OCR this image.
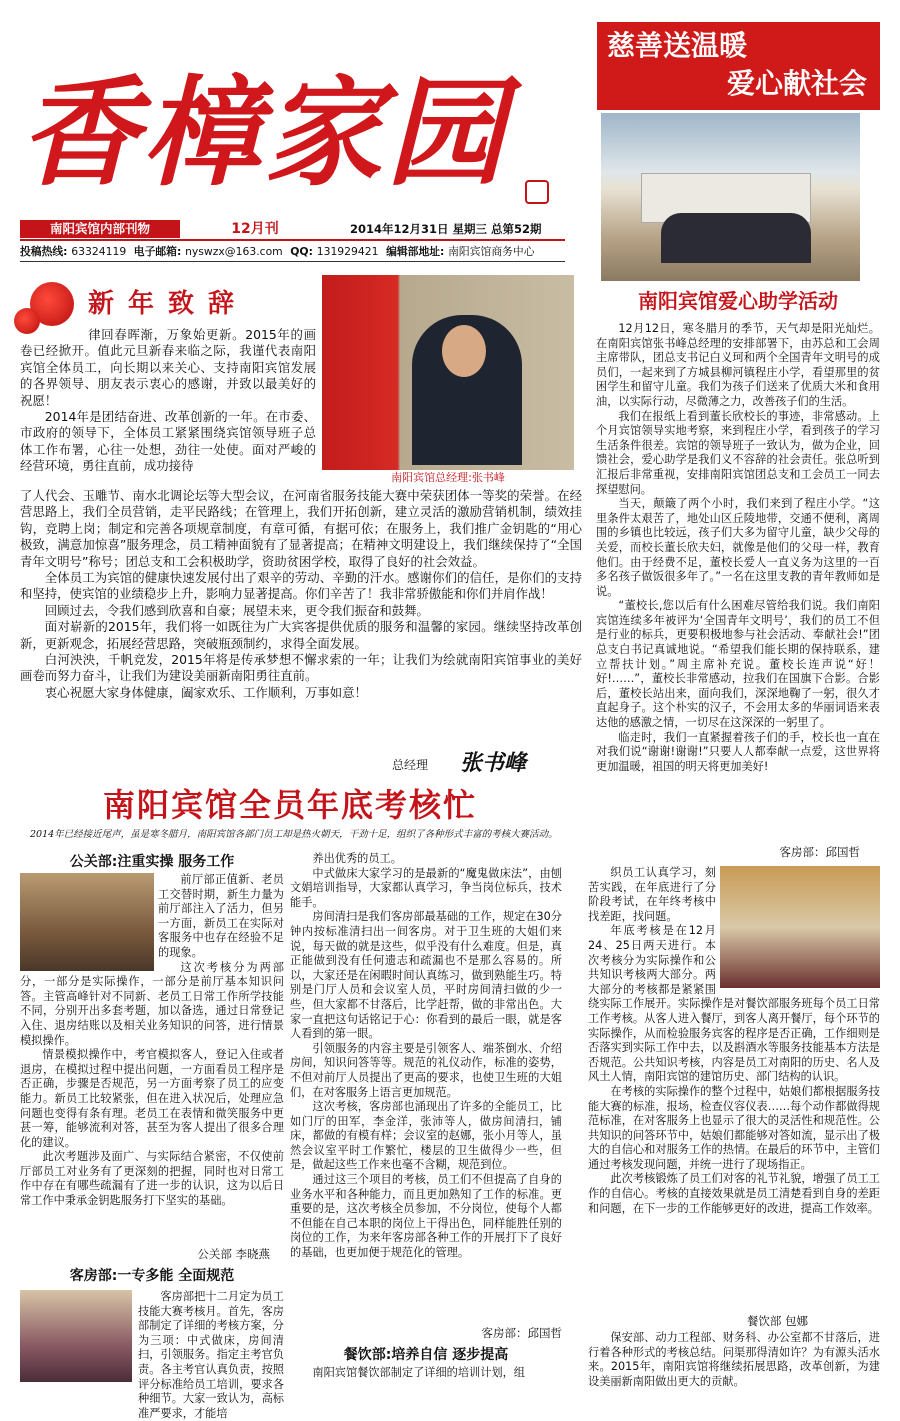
香樟家园
南阳宾馆内部刊物	12月刊	2014年12月31日 星期三 总第52期
投稿热线: 63324119 电子邮箱: nyswzx@163.com QQ: 131929421 编辑部地址: 南阳宾馆商务中心
慈善送温暖
爱心献社会
新年致辞
南阳宾馆总经理:张书峰

律回春晖渐，万象始更新。2015年的画卷已经掀开。值此元旦新春来临之际，我谨代表南阳宾馆全体员工，向长期以来关心、支持南阳宾馆发展的各界领导、朋友表示衷心的感谢，并致以最美好的祝愿！

2014年是团结奋进、改革创新的一年。在市委、市政府的领导下，全体员工紧紧围绕宾馆领导班子总体工作布署，心往一处想，劲往一处使。面对严峻的经营环境，勇往直前，成功接待

了人代会、玉雕节、南水北调论坛等大型会议，在河南省服务技能大赛中荣获团体一等奖的荣誉。在经营思路上，我们全员营销，走平民路线；在管理上，我们开拓创新，建立灵活的激励营销机制，绩效挂钩，竞聘上岗；制定和完善各项规章制度，有章可循，有据可依；在服务上，我们推广金钥匙的“用心极致，满意加惊喜”服务理念，员工精神面貌有了显著提高；在精神文明建设上，我们继续保持了“全国青年文明号”称号；团总支和工会积极助学，资助贫困学校，取得了良好的社会效益。

全体员工为宾馆的健康快速发展付出了艰辛的劳动、辛勤的汗水。感谢你们的信任，是你们的支持和坚持，使宾馆的业绩稳步上升，影响力显著提高。你们辛苦了！我非常骄傲能和你们并肩作战！

回顾过去，令我们感到欣喜和自豪；展望未来，更令我们振奋和鼓舞。

面对崭新的2015年，我们将一如既往为广大宾客提供优质的服务和温馨的家园。继续坚持改革创新，更新观念，拓展经营思路，突破瓶颈制约，求得全面发展。

白河泱泱，千帆竞发，2015年将是传承梦想不懈求索的一年；让我们为绘就南阳宾馆事业的美好画卷而努力奋斗，让我们为建设美丽新南阳勇往直前。

衷心祝愿大家身体健康，阖家欢乐、工作顺利，万事如意！

总经理 张书峰
南阳宾馆爱心助学活动

12月12日，寒冬腊月的季节，天气却是阳光灿烂。在南阳宾馆张书峰总经理的安排部署下，由苏总和工会周主席带队，团总支书记白义珂和两个全国青年文明号的成员们，一起来到了方城县柳河镇程庄小学，看望那里的贫困学生和留守儿童。我们为孩子们送来了优质大米和食用油，以实际行动，尽微薄之力，改善孩子们的生活。

我们在报纸上看到董长欣校长的事迹，非常感动。上个月宾馆领导实地考察，来到程庄小学，看到孩子的学习生活条件很差。宾馆的领导班子一致认为，做为企业，回馈社会，爱心助学是我们义不容辞的社会责任。张总听到汇报后非常重视，安排南阳宾馆团总支和工会员工一同去探望慰问。

当天，颠簸了两个小时，我们来到了程庄小学。“这里条件太艰苦了，地处山区丘陵地带，交通不便利，离周围的乡镇也比较远，孩子们大多为留守儿童，缺少父母的关爱，而校长董长欣夫妇，就像是他们的父母一样，教育他们。由于经费不足，董校长爱人一直义务为这里的一百多名孩子做饭很多年了。”一名在这里支教的青年教师如是说。

“董校长,您以后有什么困难尽管给我们说。我们南阳宾馆连续多年被评为‘全国青年文明号’，我们的员工不但是行业的标兵，更要积极地参与社会活动、奉献社会!”团总支白书记真诚地说。“希望我们能长期的保持联系，建立帮扶计划。”周主席补充说。董校长连声说“好！好!……”，董校长非常感动，拉我们在国旗下合影。合影后，董校长站出来，面向我们，深深地鞠了一躬，很久才直起身子。这个朴实的汉子，不会用太多的华丽词语来表达他的感激之情，一切尽在这深深的一躬里了。

临走时，我们一直紧握着孩子们的手，校长也一直在对我们说“谢谢!谢谢!”只要人人都奉献一点爱，这世界将更加温暖，祖国的明天将更加美好!

客房部：邱国哲
南阳宾馆全员年底考核忙
2014年已经接近尾声，虽是寒冬腊月，南阳宾馆各部门员工却是热火朝天，干劲十足，组织了各种形式丰富的考核大赛活动。
公关部:注重实操 服务工作

前厅部正值新、老员工交替时期，新生力量为前厅部注入了活力，但另一方面，新员工在实际对客服务中也存在经验不足的现象。

这次考核分为两部分，一部分是实际操作，一部分是前厅基本知识问答。主管高峰针对不同新、老员工日常工作所学技能不同，分别开出多套考题，加以备选，通过日常登记入住、退房结账以及相关业务知识的问答，进行情景模拟操作。

情景模拟操作中，考官模拟客人，登记入住或者退房，在模拟过程中提出问题，一方面看员工程序是否正确，步骤是否规范，另一方面考察了员工的应变能力。新员工比较紧张，但在进入状况后，处理应急问题也变得有条有理。老员工在表情和微笑服务中更甚一筹，能够流利对答，甚至为客人提出了很多合理化的建议。

此次考题涉及面广、与实际结合紧密，不仅使前厅部员工对业务有了更深刻的把握，同时也对日常工作中存在有哪些疏漏有了进一步的认识，这为以后日常工作中秉承金钥匙服务打下坚实的基础。

公关部 李晓燕
客房部:一专多能 全面规范

客房部把十二月定为员工技能大赛考核月。首先，客房部制定了详细的考核方案，分为三项：中式做床，房间清扫，引领服务。指定主考官负责。各主考官认真负责，按照评分标准给员工培训，要求各种细节。大家一致认为，高标准严要求，才能培

养出优秀的员工。

中式做床大家学习的是最新的“魔鬼做床法”，由刨文娟培训指导，大家都认真学习，争当岗位标兵，技术能手。

房间清扫是我们客房部最基础的工作，规定在30分钟内按标准清扫出一间客房。对于卫生班的大姐们来说，每天做的就是这些，似乎没有什么难度。但是，真正能做到没有任何遗志和疏漏也不是那么容易的。所以，大家还是在闲暇时间认真练习，做到熟能生巧。特别是门厅人员和会议室人员，平时房间清扫做的少一些，但大家都不甘落后，比学赶帮，做的非常出色。大家一直把这句话铭记于心：你看到的最后一眼，就是客人看到的第一眼。

引领服务的内容主要是引领客人、端茶倒水、介绍房间，知识问答等等。规范的礼仪动作，标准的姿势，不但对前厅人员提出了更高的要求，也使卫生班的大姐们，在对客服务上语言更加规范。

这次考核，客房部也涌现出了许多的全能员工，比如门厅的田军，李金洋，张沛等人，做房间清扫，铺床，都做的有模有样；会议室的赵娜，张小月等人，虽然会议室平时工作繁忙，楼层的卫生做得少一些，但是，做起这些工作来也毫不含糊，规范到位。

通过这三个项目的考核，员工们不但提高了自身的业务水平和各种能力，而且更加熟知了工作的标准。更重要的是，这次考核全员参加，不分岗位，使每个人都不但能在自己本职的岗位上干得出色，同样能胜任别的岗位的工作，为来年客房部各种工作的开展打下了良好的基础，也更加便于规范化的管理。

客房部：邱国哲
餐饮部:培养自信 逐步提高

南阳宾馆餐饮部制定了详细的培训计划，组

织员工认真学习，刻苦实践，在年底进行了分阶段考试，在年终考核中找差距，找问题。

年底考核是在12月24、25日两天进行。本次考核分为实际操作和公共知识考核两大部分。两大部分的考核都是紧紧围绕实际工作展开。实际操作是对餐饮部服务班每个员工日常工作考核。从客人进入餐厅，到客人离开餐厅，每个环节的实际操作，从而检验服务宾客的程序是否正确，工作细则是否落实到实际工作中去，以及斟酒水等服务技能基本方法是否规范。公共知识考核，内容是员工对南阳的历史、名人及风土人情，南阳宾馆的建馆历史、部门结构的认识。

在考核的实际操作的整个过程中，姑娘们都根据服务技能大赛的标准，报场，检查仪容仪表……每个动作都做得规范标准，在对客服务上也显示了很大的灵活性和规范性。公共知识的问答环节中，姑娘们都能够对答如流，显示出了极大的自信心和对服务工作的热情。在最后的环节中，主管们通过考核发现问题，并统一进行了现场指正。

此次考核锻炼了员工们对客的礼节礼貌，增强了员工工作的自信心。考核的直接效果就是员工清楚看到自身的差距和问题，在下一步的工作能够更好的改进，提高工作效率。

餐饮部 包娜

保安部、动力工程部、财务科、办公室都不甘落后，进行着各种形式的考核总结。问渠那得清如许？为有源头活水来。2015年，南阳宾馆将继续拓展思路，改革创新，为建设美丽新南阳做出更大的贡献。
